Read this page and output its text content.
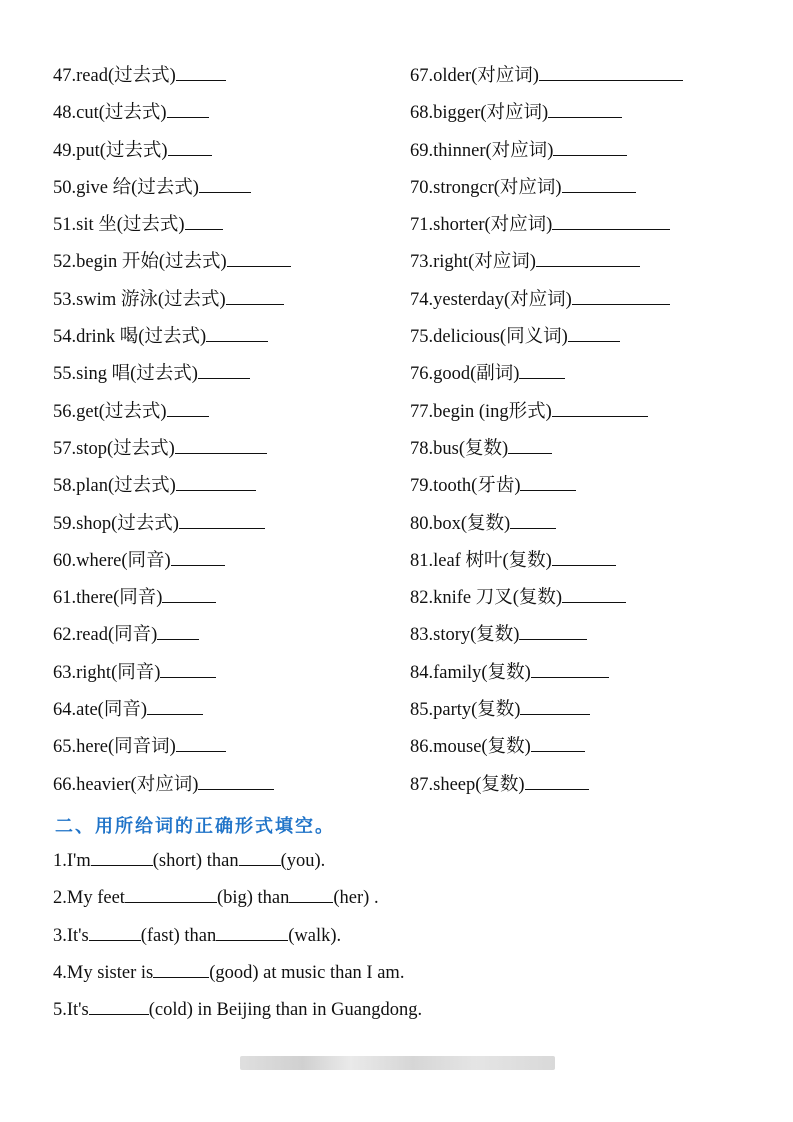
47.read(过去式)
48.cut(过去式)
49.put(过去式)
50.give 给(过去式)
51.sit 坐(过去式)
52.begin 开始(过去式)
53.swim 游泳(过去式)
54.drink 喝(过去式)
55.sing 唱(过去式)
56.get(过去式)
57.stop(过去式)
58.plan(过去式)
59.shop(过去式)
60.where(同音)
61.there(同音)
62.read(同音)
63.right(同音)
64.ate(同音)
65.here(同音词)
66.heavier(对应词)
67.older(对应词)
68.bigger(对应词)
69.thinner(对应词)
70.strongcr(对应词)
71.shorter(对应词)
73.right(对应词)
74.yesterday(对应词)
75.delicious(同义词)
76.good(副词)
77.begin (ing形式)
78.bus(复数)
79.tooth(牙齿)
80.box(复数)
81.leaf 树叶(复数)
82.knife 刀叉(复数)
83.story(复数)
84.family(复数)
85.party(复数)
86.mouse(复数)
87.sheep(复数)
二、用所给词的正确形式填空。
1.I'm	(short) than (you).
2.My feet	(big) than (her) .
3.It's	(fast) than	(walk).
4.My sister is	(good) at music than I am.
5.It's	(cold) in Beijing than in Guangdong.
